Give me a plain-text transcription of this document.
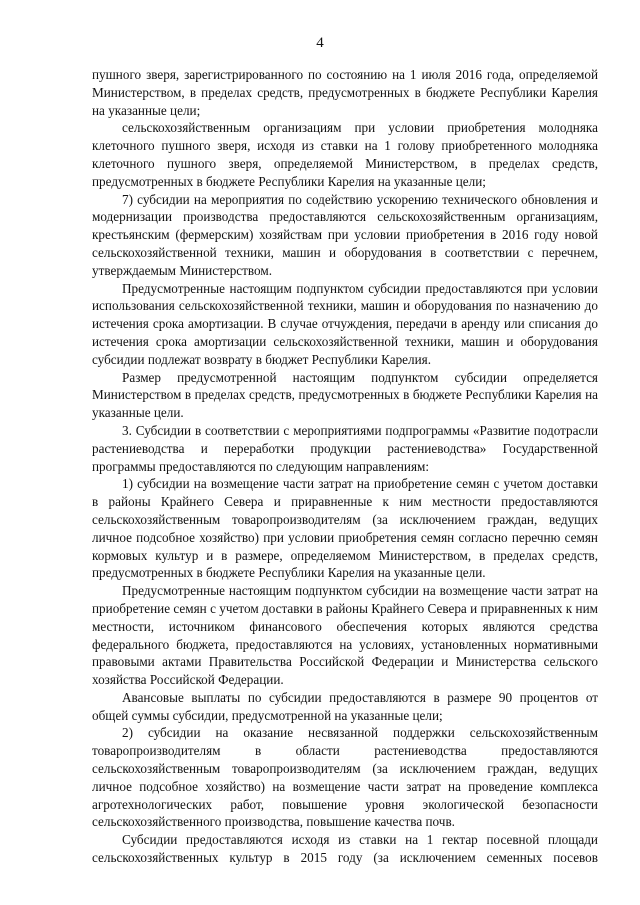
4

пушного зверя, зарегистрированного по состоянию на 1 июля 2016 года, определяемой Министерством, в пределах средств, предусмотренных в бюджете Республики Карелия на указанные цели;

сельскохозяйственным организациям при условии приобретения молодняка клеточного пушного зверя, исходя из ставки на 1 голову приобретенного молодняка клеточного пушного зверя, определяемой Министерством, в пределах средств, предусмотренных в бюджете Республики Карелия на указанные цели;

7) субсидии на мероприятия по содействию ускорению технического обновления и модернизации производства предоставляются сельскохозяйственным организациям, крестьянским (фермерским) хозяйствам при условии приобретения в 2016 году новой сельскохозяйственной техники, машин и оборудования в соответствии с перечнем, утверждаемым Министерством.

Предусмотренные настоящим подпунктом субсидии предоставляются при условии использования сельскохозяйственной техники, машин и оборудования по назначению до истечения срока амортизации. В случае отчуждения, передачи в аренду или списания до истечения срока амортизации сельскохозяйственной техники, машин и оборудования субсидии подлежат возврату в бюджет Республики Карелия.

Размер предусмотренной настоящим подпунктом субсидии определяется Министерством в пределах средств, предусмотренных в бюджете Республики Карелия на указанные цели.

3. Субсидии в соответствии с мероприятиями подпрограммы «Развитие подотрасли растениеводства и переработки продукции растениеводства» Государственной программы предоставляются по следующим направлениям:

1) субсидии на возмещение части затрат на приобретение семян с учетом доставки в районы Крайнего Севера и приравненные к ним местности предоставляются сельскохозяйственным товаропроизводителям (за исключением граждан, ведущих личное подсобное хозяйство) при условии приобретения семян согласно перечню семян кормовых культур и в размере, определяемом Министерством, в пределах средств, предусмотренных в бюджете Республики Карелия на указанные цели.

Предусмотренные настоящим подпунктом субсидии на возмещение части затрат на приобретение семян с учетом доставки в районы Крайнего Севера и приравненных к ним местности, источником финансового обеспечения которых являются средства федерального бюджета, предоставляются на условиях, установленных нормативными правовыми актами Правительства Российской Федерации и Министерства сельского хозяйства Российской Федерации.

Авансовые выплаты по субсидии предоставляются в размере 90 процентов от общей суммы субсидии, предусмотренной на указанные цели;

2) субсидии на оказание несвязанной поддержки сельскохозяйственным товаропроизводителям в области растениеводства предоставляются сельскохозяйственным товаропроизводителям (за исключением граждан, ведущих личное подсобное хозяйство) на возмещение части затрат на проведение комплекса агротехнологических работ, повышение уровня экологической безопасности сельскохозяйственного производства, повышение качества почв.

Субсидии предоставляются исходя из ставки на 1 гектар посевной площади сельскохозяйственных культур в 2015 году (за исключением семенных посевов
